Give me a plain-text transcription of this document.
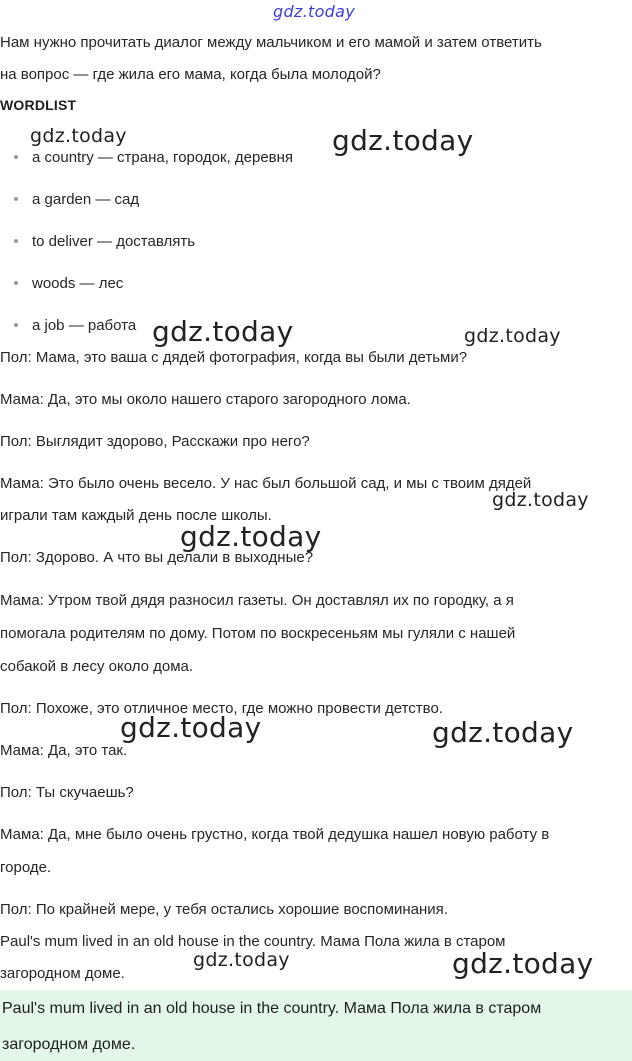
gdz.today
Нам нужно прочитать диалог между мальчиком и его мамой и затем ответить
на вопрос — где жила его мама, когда была молодой?
WORDLIST
a country — страна, городок, деревня
a garden — сад
to deliver — доставлять
woods — лес
a job — работа
Пол: Мама, это ваша с дядей фотография, когда вы были детьми?
Мама: Да, это мы около нашего старого загородного лома.
Пол: Выглядит здорово, Расскажи про него?
Мама: Это было очень весело. У нас был большой сад, и мы с твоим дядей
играли там каждый день после школы.
Пол: Здорово. А что вы делали в выходные?
Мама: Утром твой дядя разносил газеты. Он доставлял их по городку, а я
помогала родителям по дому. Потом по воскресеньям мы гуляли с нашей
собакой в лесу около дома.
Пол: Похоже, это отличное место, где можно провести детство.
Мама: Да, это так.
Пол: Ты скучаешь?
Мама: Да, мне было очень грустно, когда твой дедушка нашел новую работу в
городе.
Пол: По крайней мере, у тебя остались хорошие воспоминания.
Paul's mum lived in an old house in the country. Мама Пола жила в старом
загородном доме.
Paul's mum lived in an old house in the country. Мама Пола жила в старом
загородном доме.
gdz.today	gdz.today
gdz.today	gdz.today
gdz.today
gdz.today
gdz.today	gdz.today
gdz.today	gdz.today
